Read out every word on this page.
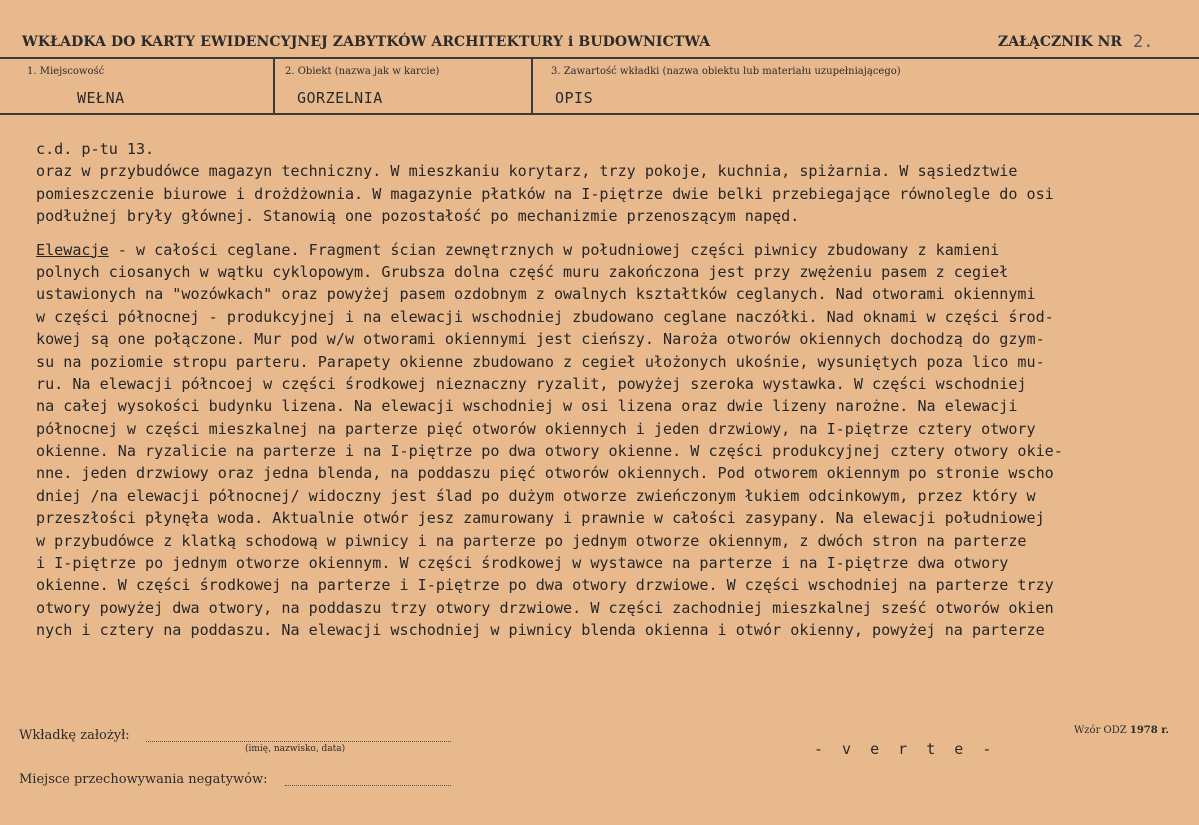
WKŁADKA DO KARTY EWIDENCYJNEJ ZABYTKÓW ARCHITEKTURY i BUDOWNICTWA	ZAŁĄCZNIK NR 2.
1. Miejscowość
WEŁNA
2. Obiekt (nazwa jak w karcie)
GORZELNIA
3. Zawartość wkładki (nazwa obiektu lub materiału uzupełniającego)
OPIS
c.d. p-tu 13.
oraz w przybudówce magazyn techniczny. W mieszkaniu korytarz, trzy pokoje, kuchnia, spiżarnia. W sąsiedztwie
pomieszczenie biurowe i drożdżownia. W magazynie płatków na I-piętrze dwie belki przebiegające równolegle do osi
podłużnej bryły głównej. Stanowią one pozostałość po mechanizmie przenoszącym napęd.
Elewacje - w całości ceglane. Fragment ścian zewnętrznych w południowej części piwnicy zbudowany z kamieni
polnych ciosanych w wątku cyklopowym. Grubsza dolna część muru zakończona jest przy zwężeniu pasem z cegieł
ustawionych na "wozówkach" oraz powyżej pasem ozdobnym z owalnych kształtków ceglanych. Nad otworami okiennymi
w części północnej - produkcyjnej i na elewacji wschodniej zbudowano ceglane naczółki. Nad oknami w części środ-
kowej są one połączone. Mur pod w/w otworami okiennymi jest cieńszy. Naroża otworów okiennych dochodzą do gzym-
su na poziomie stropu parteru. Parapety okienne zbudowano z cegieł ułożonych ukośnie, wysuniętych poza lico mu-
ru. Na elewacji półncoej w części środkowej nieznaczny ryzalit, powyżej szeroka wystawka. W części wschodniej
na całej wysokości budynku lizena. Na elewacji wschodniej w osi lizena oraz dwie lizeny narożne. Na elewacji
północnej w części mieszkalnej na parterze pięć otworów okiennych i jeden drzwiowy, na I-piętrze cztery otwory
okienne. Na ryzalicie na parterze i na I-piętrze po dwa otwory okienne. W części produkcyjnej cztery otwory okie-
nne. jeden drzwiowy oraz jedna blenda, na poddaszu pięć otworów okiennych. Pod otworem okiennym po stronie wscho
dniej /na elewacji północnej/ widoczny jest ślad po dużym otworze zwieńczonym łukiem odcinkowym, przez który w
przeszłości płynęła woda. Aktualnie otwór jesz zamurowany i prawnie w całości zasypany. Na elewacji południowej
w przybudówce z klatką schodową w piwnicy i na parterze po jednym otworze okiennym, z dwóch stron na parterze
i I-piętrze po jednym otworze okiennym. W części środkowej w wystawce na parterze i na I-piętrze dwa otwory
okienne. W części środkowej na parterze i I-piętrze po dwa otwory drzwiowe. W części wschodniej na parterze trzy
otwory powyżej dwa otwory, na poddaszu trzy otwory drzwiowe. W części zachodniej mieszkalnej sześć otworów okien
nych i cztery na poddaszu. Na elewacji wschodniej w piwnicy blenda okienna i otwór okienny, powyżej na parterze
Wkładkę założył:
(imię, nazwisko, data)
Miejsce przechowywania negatywów:
- v e r t e -
Wzór ODZ 1978 r.
